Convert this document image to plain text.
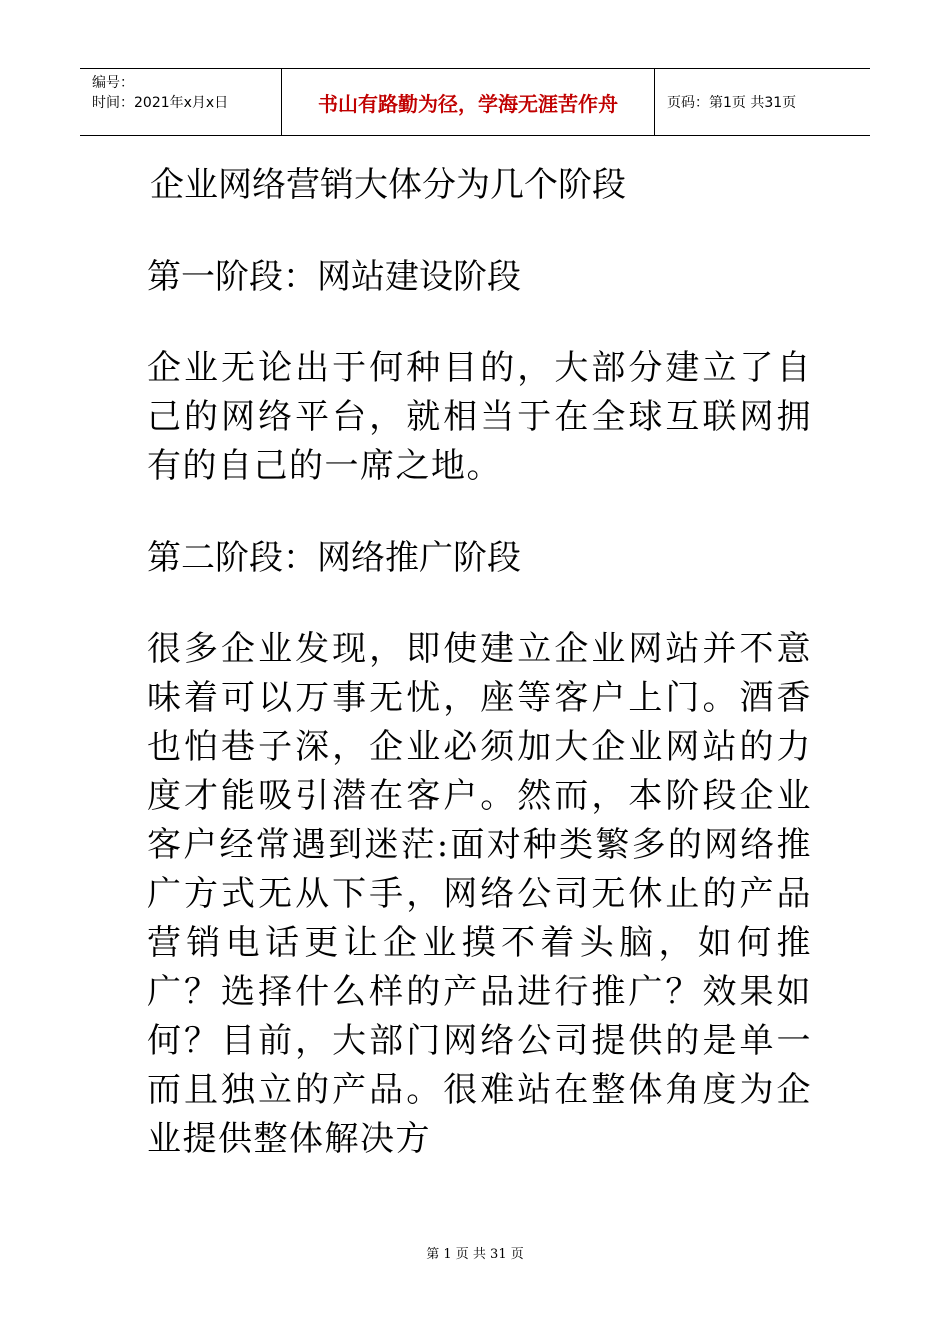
编号：
时间：2021年x月x日	书山有路勤为径，学海无涯苦作舟	页码：第1页 共31页
企业网络营销大体分为几个阶段
第一阶段：网站建设阶段
企业无论出于何种目的，大部分建立了自己的网络平台，就相当于在全球互联网拥有的自己的一席之地。
第二阶段：网络推广阶段
很多企业发现，即使建立企业网站并不意味着可以万事无忧，座等客户上门。酒香也怕巷子深，企业必须加大企业网站的力度才能吸引潜在客户。然而，本阶段企业客户经常遇到迷茫:面对种类繁多的网络推广方式无从下手，网络公司无休止的产品营销电话更让企业摸不着头脑，如何推广？选择什么样的产品进行推广？效果如何？目前，大部门网络公司提供的是单一而且独立的产品。很难站在整体角度为企业提供整体解决方
第 1 页 共 31 页
